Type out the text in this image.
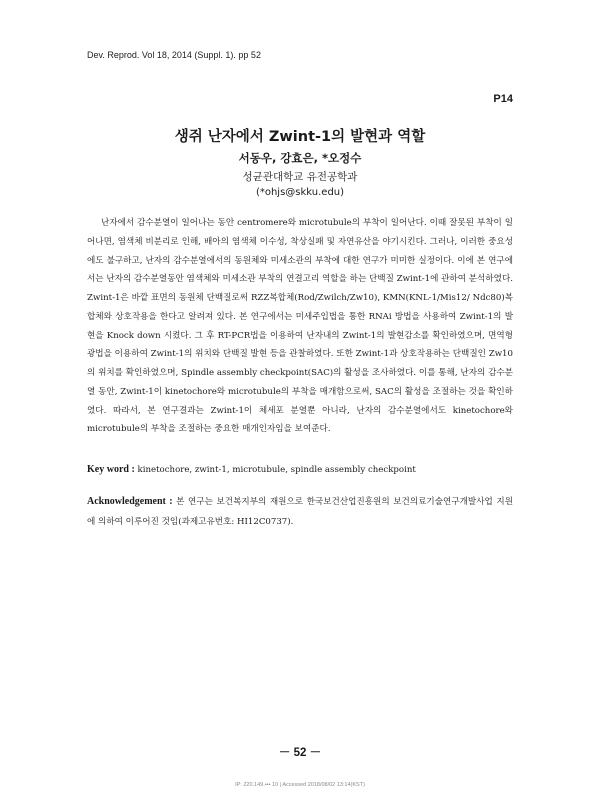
Dev. Reprod. Vol 18, 2014 (Suppl. 1). pp 52
P14
생쥐 난자에서 Zwint-1의 발현과 역할
서동우, 강효은, *오정수
성균관대학교 유전공학과
(*ohjs@skku.edu)

난자에서 감수분열이 일어나는 동안 centromere와 microtubule의 부착이 일어난다. 이때 잘못된 부착이 일어나면, 염색체 비분리로 인해, 배아의 염색체 이수성, 착상실패 및 자연유산을 야기시킨다. 그러나, 이러한 중요성에도 불구하고, 난자의 감수분열에서의 동원체와 미세소관의 부착에 대한 연구가 미미한 실정이다. 이에 본 연구에서는 난자의 감수분열동안 염색체와 미세소관 부착의 연결고리 역할을 하는 단백질 Zwint-1에 관하여 분석하였다. Zwint-1은 바깥 표면의 동원체 단백질로써 RZZ복합체(Rod/Zwilch/Zw10), KMN(KNL-1/Mis12/ Ndc80)복합체와 상호작용을 한다고 알려져 있다. 본 연구에서는 미세주입법을 통한 RNAi 방법을 사용하여 Zwint-1의 발현을 Knock down 시켰다. 그 후 RT-PCR법을 이용하여 난자내의 Zwint-1의 발현감소를 확인하였으며, 면역형광법을 이용하여 Zwint-1의 위치와 단백질 발현 등을 관찰하였다. 또한 Zwint-1과 상호작용하는 단백질인 Zw10의 위치를 확인하였으며, Spindle assembly checkpoint(SAC)의 활성을 조사하였다. 이를 통해, 난자의 감수분열 동안, Zwint-1이 kinetochore와 microtubule의 부착을 매개함으로써, SAC의 활성을 조절하는 것을 확인하였다. 따라서, 본 연구결과는 Zwint-1이 체세포 분열뿐 아니라, 난자의 감수분열에서도 kinetochore와 microtubule의 부착을 조절하는 중요한 매개인자임을 보여준다.

Key word : kinetochore, zwint-1, microtubule, spindle assembly checkpoint

Acknowledgement : 본 연구는 보건복지부의 재원으로 한국보건산업진흥원의 보건의료기술연구개발사업 지원에 의하여 이루어진 것임(과제고유번호: HI12C0737).

－ 52 －
IP: 220.149.••• 10 | Accessed 2018/08/02 13:14(KST)
